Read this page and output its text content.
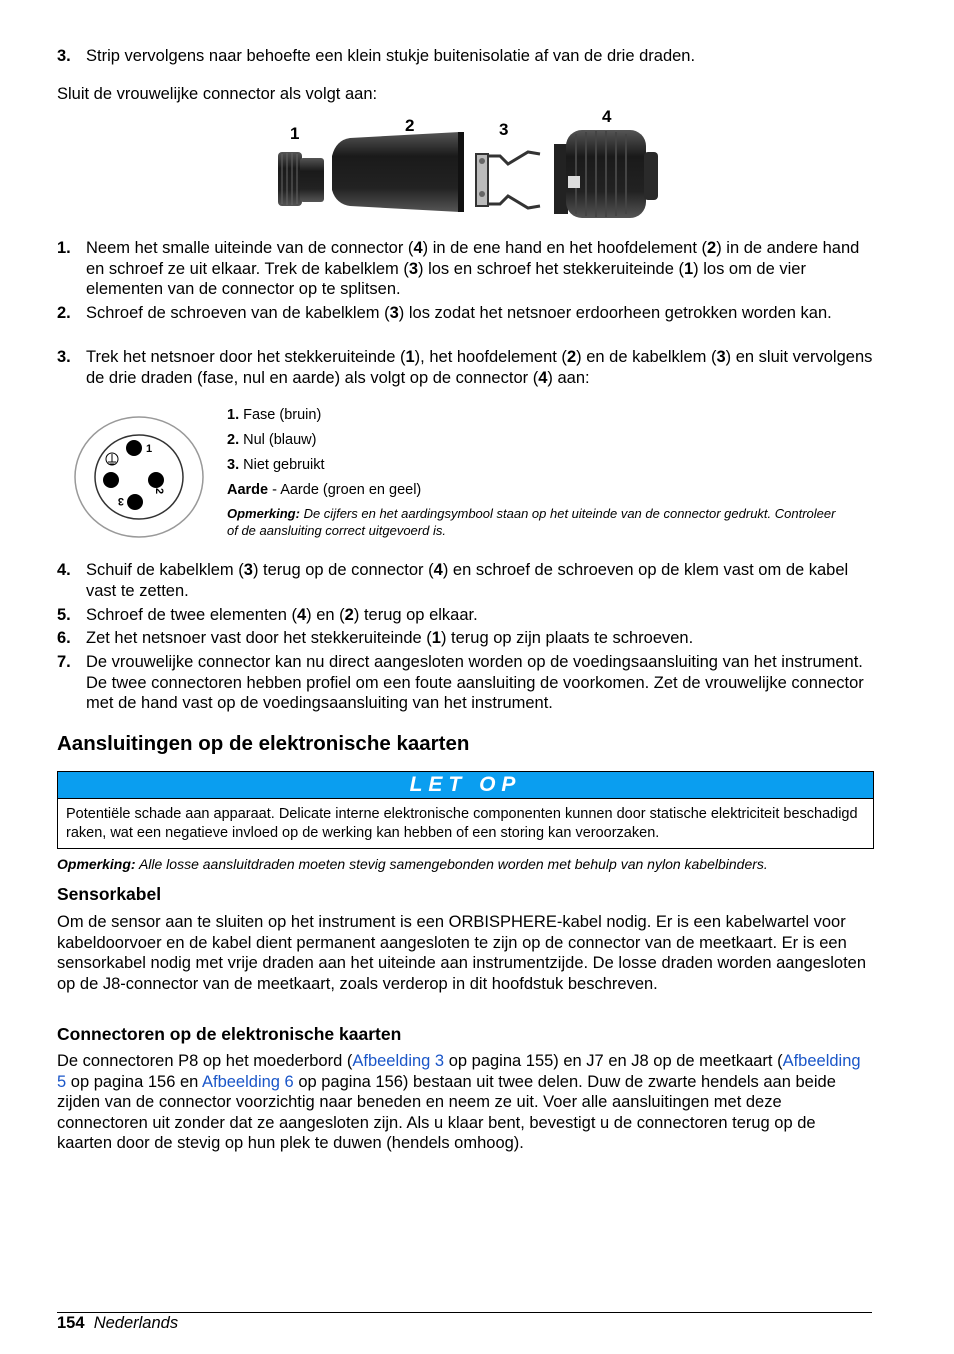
3. Strip vervolgens naar behoefte een klein stukje buitenisolatie af van de drie draden.
Sluit de vrouwelijke connector als volgt aan:
1	2	3
4
1. Neem het smalle uiteinde van de connector (4) in de ene hand en het hoofdelement (2) in de andere hand en schroef ze uit elkaar. Trek de kabelklem (3) los en schroef het stekkeruiteinde (1) los om de vier elementen van de connector op te splitsen.
2. Schroef de schroeven van de kabelklem (3) los zodat het netsnoer erdoorheen getrokken worden kan.
3. Trek het netsnoer door het stekkeruiteinde (1), het hoofdelement (2) en de kabelklem (3) en sluit vervolgens de drie draden (fase, nul en aarde) als volgt op de connector (4) aan:
1
2
3
1. Fase (bruin)
2. Nul (blauw)
3. Niet gebruikt
Aarde - Aarde (groen en geel)
Opmerking: De cijfers en het aardingsymbool staan op het uiteinde van de connector gedrukt. Controleer of de aansluiting correct uitgevoerd is.
4. Schuif de kabelklem (3) terug op de connector (4) en schroef de schroeven op de klem vast om de kabel vast te zetten.
5. Schroef de twee elementen (4) en (2) terug op elkaar.
6. Zet het netsnoer vast door het stekkeruiteinde (1) terug op zijn plaats te schroeven.
7. De vrouwelijke connector kan nu direct aangesloten worden op de voedingsaansluiting van het instrument. De twee connectoren hebben profiel om een foute aansluiting de voorkomen. Zet de vrouwelijke connector met de hand vast op de voedingsaansluiting van het instrument.
Aansluitingen op de elektronische kaarten
LET OP
Potentiële schade aan apparaat. Delicate interne elektronische componenten kunnen door statische elektriciteit beschadigd raken, wat een negatieve invloed op de werking kan hebben of een storing kan veroorzaken.
Opmerking: Alle losse aansluitdraden moeten stevig samengebonden worden met behulp van nylon kabelbinders.
Sensorkabel
Om de sensor aan te sluiten op het instrument is een ORBISPHERE-kabel nodig. Er is een kabelwartel voor kabeldoorvoer en de kabel dient permanent aangesloten te zijn op de connector van de meetkaart. Er is een sensorkabel nodig met vrije draden aan het uiteinde aan instrumentzijde. De losse draden worden aangesloten op de J8-connector van de meetkaart, zoals verderop in dit hoofdstuk beschreven.
Connectoren op de elektronische kaarten
De connectoren P8 op het moederbord (Afbeelding 3 op pagina 155) en J7 en J8 op de meetkaart (Afbeelding 5 op pagina 156 en Afbeelding 6 op pagina 156) bestaan uit twee delen. Duw de zwarte hendels aan beide zijden van de connector voorzichtig naar beneden en neem ze uit. Voer alle aansluitingen met deze connectoren uit zonder dat ze aangesloten zijn. Als u klaar bent, bevestigt u de connectoren terug op de kaarten door de stevig op hun plek te duwen (hendels omhoog).
154 Nederlands
